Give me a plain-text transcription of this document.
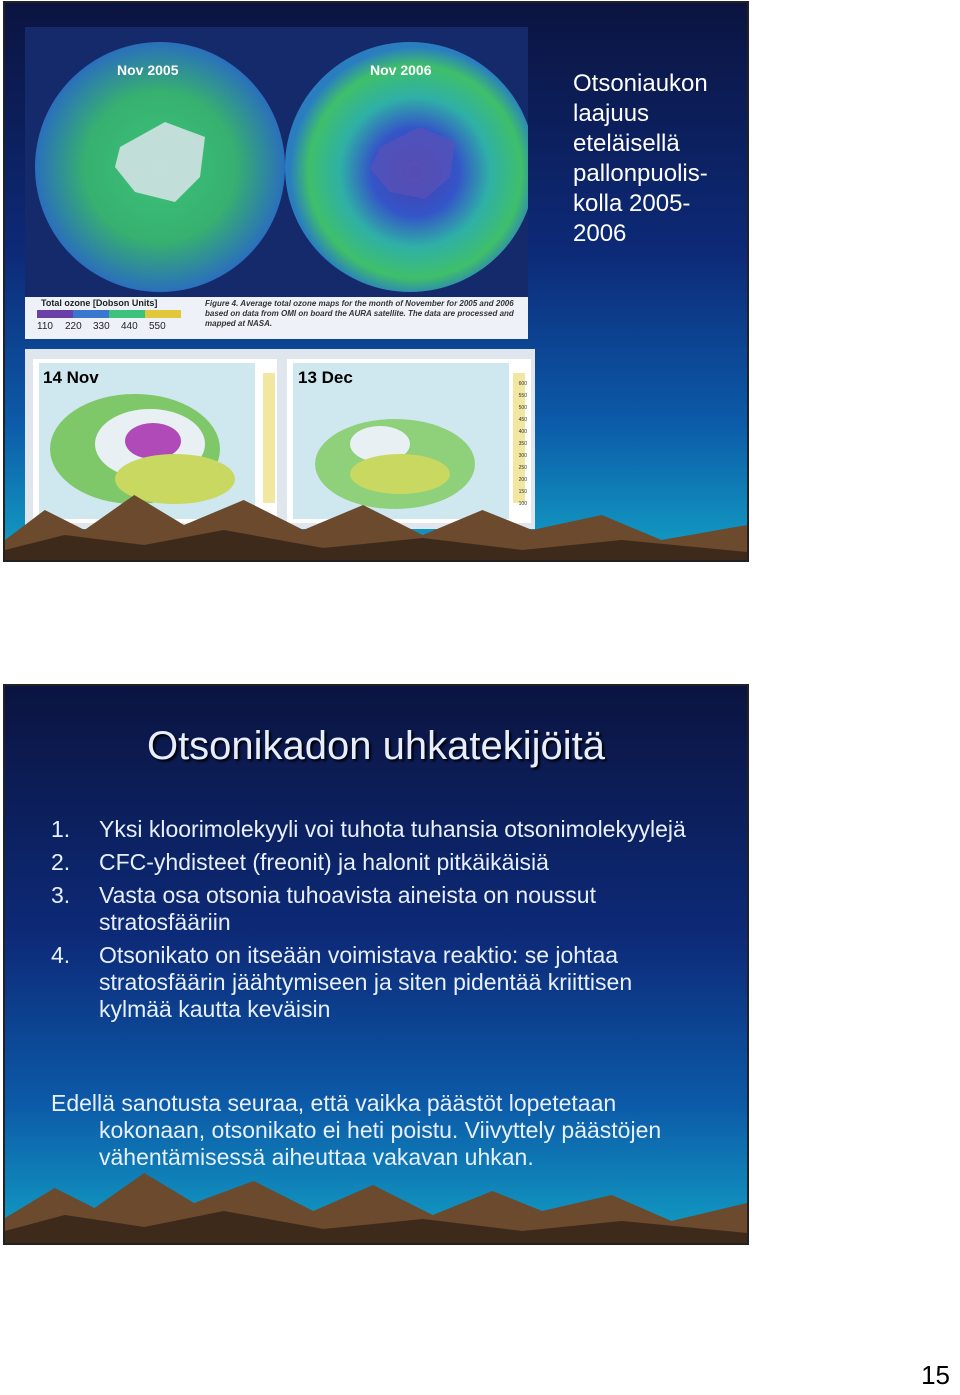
Nov 2005	Nov 2006
Total ozone [Dobson Units]
110 220 330 440 550
Figure 4. Average total ozone maps for the month of November for 2005 and 2006 based on data from OMI on board the AURA satellite. The data are processed and mapped at NASA.
14 Nov	13 Dec	600
550
500
450
400
350
300
250
200
150
100
Otsoniaukon laajuus eteläisellä pallonpuolis-kolla 2005-2006
Otsonikadon uhkatekijöitä
1. Yksi kloorimolekyyli voi tuhota tuhansia otsonimolekyylejä
2. CFC-yhdisteet (freonit) ja halonit pitkäikäisiä
3. Vasta osa otsonia tuhoavista aineista on noussut stratosfääriin
4. Otsonikato on itseään voimistava reaktio: se johtaa stratosfäärin jäähtymiseen ja siten pidentää kriittisen kylmää kautta keväisin
Edellä sanotusta seuraa, että vaikka päästöt lopetetaan
kokonaan, otsonikato ei heti poistu. Viivyttely päästöjen vähentämisessä aiheuttaa vakavan uhkan.
15
